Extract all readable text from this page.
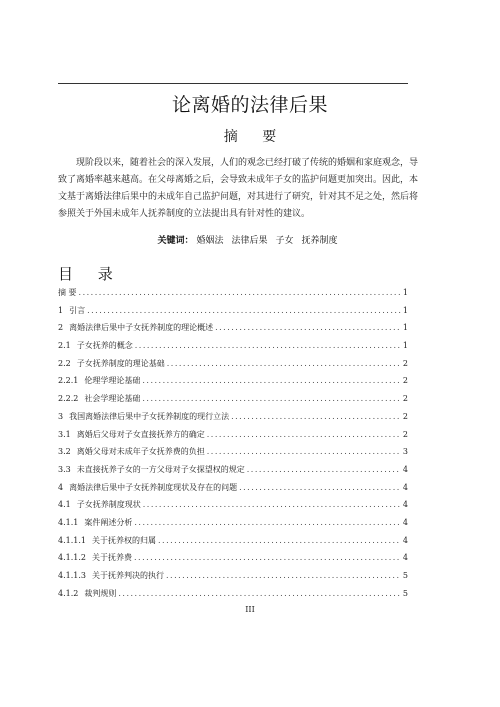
论离婚的法律后果
摘 要
现阶段以来，随着社会的深入发展，人们的观念已经打破了传统的婚姻和家庭观念，导致了离婚率越来越高。在父母离婚之后，会导致未成年子女的监护问题更加突出。因此，本文基于离婚法律后果中的未成年自己监护问题，对其进行了研究，针对其不足之处，然后将参照关于外国未成年人抚养制度的立法提出具有针对性的建议。
关键词： 婚姻法 法律后果 子女 抚养制度
目 录
摘 要 .....	1
1 引言 .....	1
2 离婚法律后果中子女抚养制度的理论概述 .....	1
2.1 子女抚养的概念 .....	1
2.2 子女抚养制度的理论基础 .....	2
2.2.1 伦理学理论基础 .....	2
2.2.2 社会学理论基础 .....	2
3 我国离婚法律后果中子女抚养制度的现行立法 .....	2
3.1 离婚后父母对子女直接抚养方的确定 .....	2
3.2 离婚父母对未成年子女抚养费的负担 .....	3
3.3 未直接抚养子女的一方父母对子女探望权的规定 .....	4
4 离婚法律后果中子女抚养制度现状及存在的问题 .....	4
4.1 子女抚养制度现状 .....	4
4.1.1 案件阐述分析 .....	4
4.1.1.1 关于抚养权的归属 .....	4
4.1.1.2 关于抚养费 .....	4
4.1.1.3 关于抚养判决的执行 .....	5
4.1.2 裁判规则 .....	5
III
